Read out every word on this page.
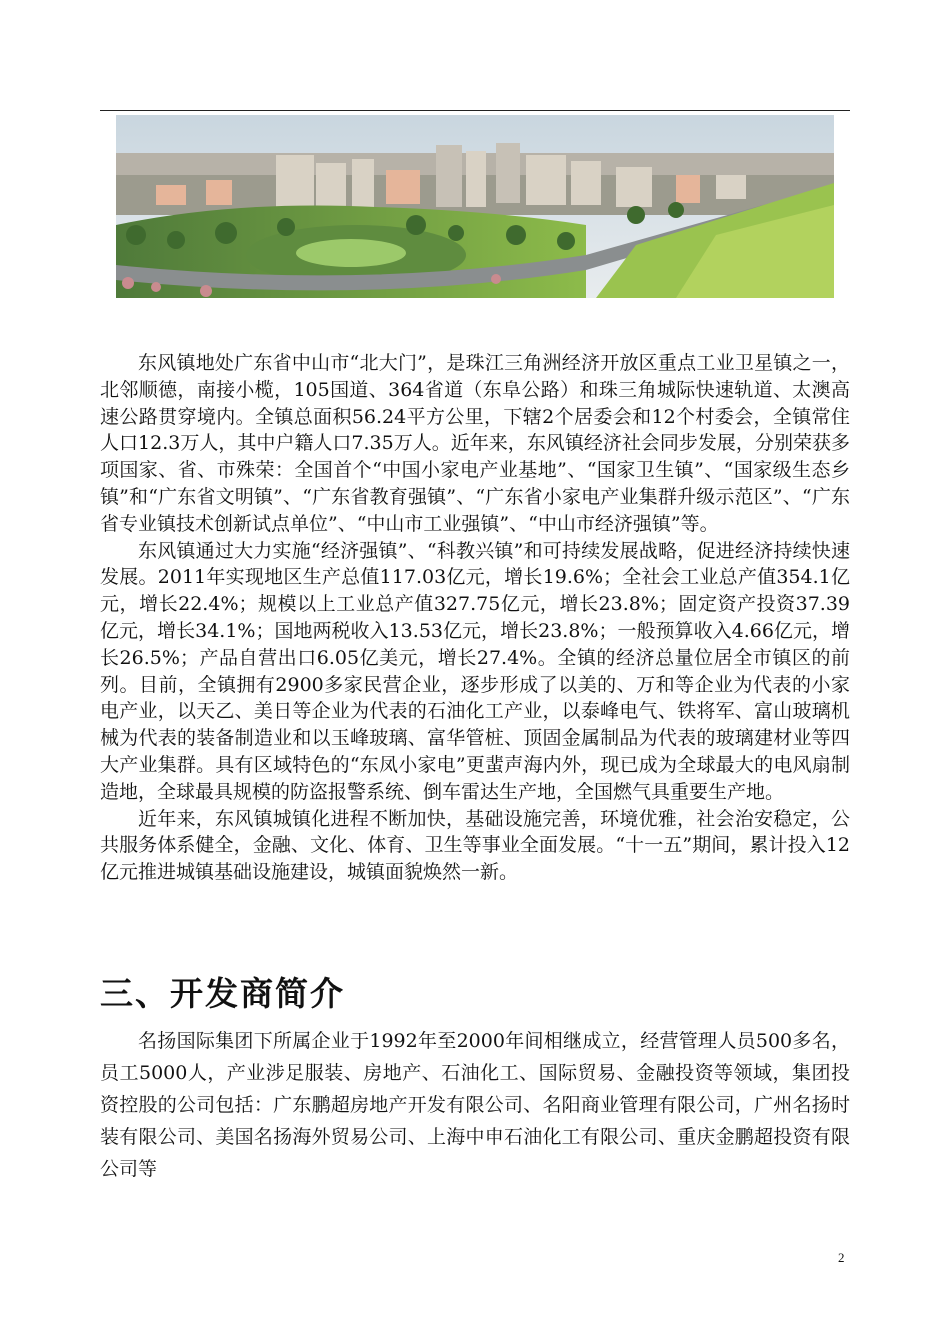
东风镇地处广东省中山市“北大门”，是珠江三角洲经济开放区重点工业卫星镇之一，北邻顺德，南接小榄，105国道、364省道（东阜公路）和珠三角城际快速轨道、太澳高速公路贯穿境内。全镇总面积56.24平方公里，下辖2个居委会和12个村委会，全镇常住人口12.3万人，其中户籍人口7.35万人。近年来，东风镇经济社会同步发展，分别荣获多项国家、省、市殊荣：全国首个“中国小家电产业基地”、“国家卫生镇”、“国家级生态乡镇”和“广东省文明镇”、“广东省教育强镇”、“广东省小家电产业集群升级示范区”、“广东省专业镇技术创新试点单位”、“中山市工业强镇”、“中山市经济强镇”等。

东风镇通过大力实施“经济强镇”、“科教兴镇”和可持续发展战略，促进经济持续快速发展。2011年实现地区生产总值117.03亿元，增长19.6%；全社会工业总产值354.1亿元，增长22.4%；规模以上工业总产值327.75亿元，增长23.8%；固定资产投资37.39亿元，增长34.1%；国地两税收入13.53亿元，增长23.8%；一般预算收入4.66亿元，增长26.5%；产品自营出口6.05亿美元，增长27.4%。全镇的经济总量位居全市镇区的前列。目前，全镇拥有2900多家民营企业，逐步形成了以美的、万和等企业为代表的小家电产业，以天乙、美日等企业为代表的石油化工产业，以泰峰电气、铁将军、富山玻璃机械为代表的装备制造业和以玉峰玻璃、富华管桩、顶固金属制品为代表的玻璃建材业等四大产业集群。具有区域特色的“东凤小家电”更蜚声海内外，现已成为全球最大的电风扇制造地，全球最具规模的防盗报警系统、倒车雷达生产地，全国燃气具重要生产地。

近年来，东风镇城镇化进程不断加快，基础设施完善，环境优雅，社会治安稳定，公共服务体系健全，金融、文化、体育、卫生等事业全面发展。“十一五”期间，累计投入12亿元推进城镇基础设施建设，城镇面貌焕然一新。

三、开发商简介

名扬国际集团下所属企业于1992年至2000年间相继成立，经营管理人员500多名，员工5000人，产业涉足服装、房地产、石油化工、国际贸易、金融投资等领域，集团投资控股的公司包括：广东鹏超房地产开发有限公司、名阳商业管理有限公司，广州名扬时装有限公司、美国名扬海外贸易公司、上海中申石油化工有限公司、重庆金鹏超投资有限公司等

2
